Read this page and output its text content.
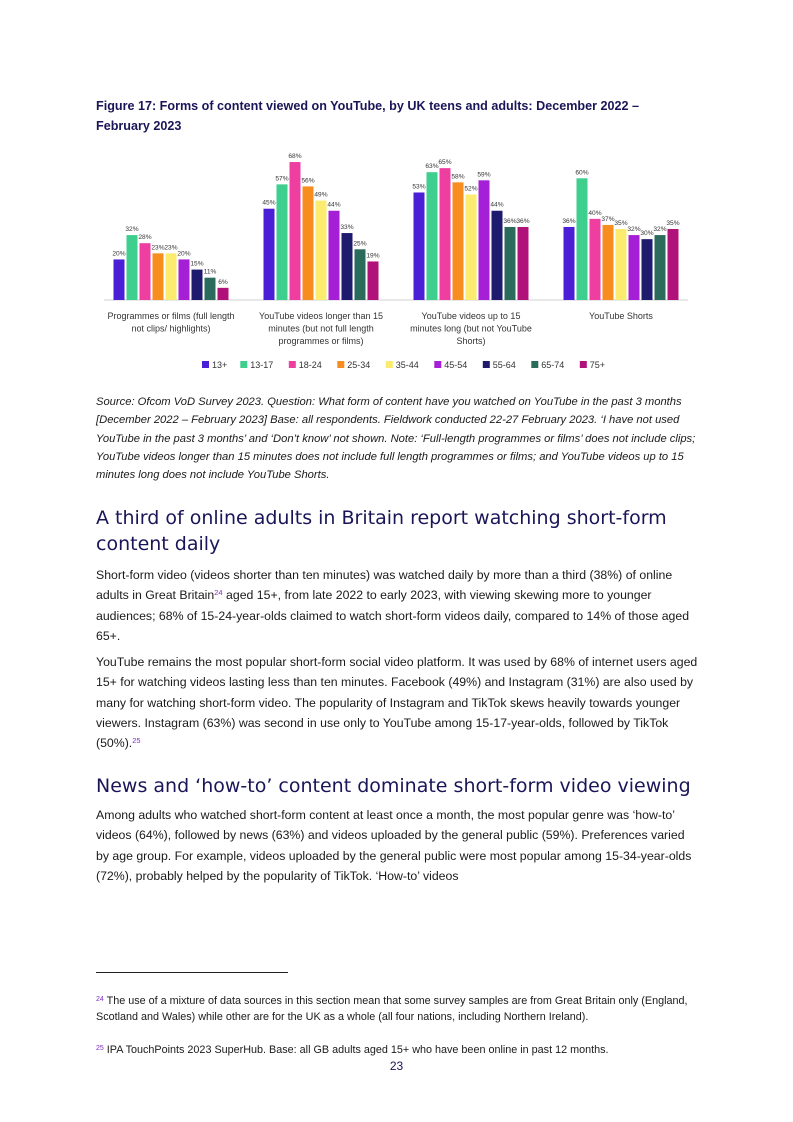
Figure 17: Forms of content viewed on YouTube, by UK teens and adults: December 2022 – February 2023
20%
32%
28%
23% 23%
20%
15%
11%
6%
Programmes or films (full length
not clips/ highlights)
45%
57%
68%
56%
49%
44%
33%
25%
19%
YouTube videos longer than 15
minutes (but not full length
programmes or films)
53%
63%
65%
58%
52%
59%
44%
36% 36%
YouTube videos up to 15
minutes long (but not YouTube
Shorts)
36%
60%
40%
37%
35%
32%
30%
32%
35%
YouTube Shorts
13+	13-17	18-24	25-34	35-44	45-54	55-64	65-74	75+

Source: Ofcom VoD Survey 2023. Question: What form of content have you watched on YouTube in the past 3 months [December 2022 – February 2023] Base: all respondents. Fieldwork conducted 22-27 February 2023. ‘I have not used YouTube in the past 3 months’ and ‘Don’t know’ not shown. Note: ‘Full-length programmes or films’ does not include clips; YouTube videos longer than 15 minutes does not include full length programmes or films; and YouTube videos up to 15 minutes long does not include YouTube Shorts.

A third of online adults in Britain report watching short-form content daily

Short-form video (videos shorter than ten minutes) was watched daily by more than a third (38%) of online adults in Great Britain$^{24}$ aged 15+, from late 2022 to early 2023, with viewing skewing more to younger audiences; 68% of 15-24-year-olds claimed to watch short-form videos daily, compared to 14% of those aged 65+.

YouTube remains the most popular short-form social video platform. It was used by 68% of internet users aged 15+ for watching videos lasting less than ten minutes. Facebook (49%) and Instagram (31%) are also used by many for watching short-form video. The popularity of Instagram and TikTok skews heavily towards younger viewers. Instagram (63%) was second in use only to YouTube among 15-17-year-olds, followed by TikTok (50%).$^{25}$

News and ‘how-to’ content dominate short-form video viewing

Among adults who watched short-form content at least once a month, the most popular genre was ‘how-to’ videos (64%), followed by news (63%) and videos uploaded by the general public (59%). Preferences varied by age group. For example, videos uploaded by the general public were most popular among 15-34-year-olds (72%), probably helped by the popularity of TikTok. ‘How-to’ videos

$^{24}$ The use of a mixture of data sources in this section mean that some survey samples are from Great Britain only (England, Scotland and Wales) while other are for the UK as a whole (all four nations, including Northern Ireland).

$^{25}$ IPA TouchPoints 2023 SuperHub. Base: all GB adults aged 15+ who have been online in past 12 months.

23
